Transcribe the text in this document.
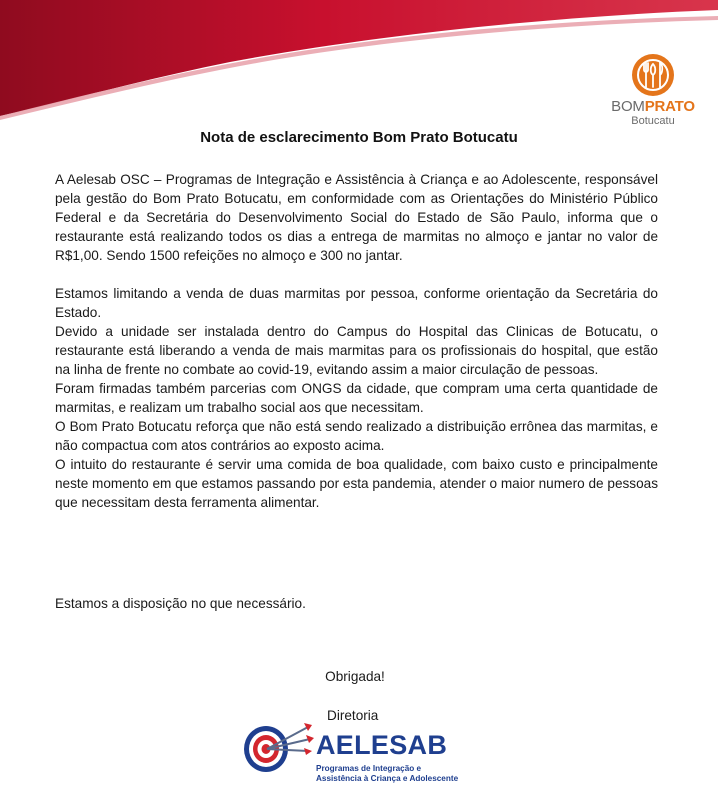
BOMPRATO
Botucatu
Nota de esclarecimento Bom Prato Botucatu

A Aelesab OSC – Programas de Integração e Assistência à Criança e ao Adolescente, responsável pela gestão do Bom Prato Botucatu, em conformidade com as Orientações do Ministério Público Federal e da Secretária do Desenvolvimento Social do Estado de São Paulo, informa que o restaurante está realizando todos os dias a entrega de marmitas no almoço e jantar no valor de R$1,00. Sendo 1500 refeições no almoço e 300 no jantar.

Estamos limitando a venda de duas marmitas por pessoa, conforme orientação da Secretária do Estado.

Devido a unidade ser instalada dentro do Campus do Hospital das Clinicas de Botucatu, o restaurante está liberando a venda de mais marmitas para os profissionais do hospital, que estão na linha de frente no combate ao covid-19, evitando assim a maior circulação de pessoas.

Foram firmadas também parcerias com ONGS da cidade, que compram uma certa quantidade de marmitas, e realizam um trabalho social aos que necessitam.

O Bom Prato Botucatu reforça que não está sendo realizado a distribuição errônea das marmitas, e não compactua com atos contrários ao exposto acima.

O intuito do restaurante é servir uma comida de boa qualidade, com baixo custo e principalmente neste momento em que estamos passando por esta pandemia, atender o maior numero de pessoas que necessitam desta ferramenta alimentar.

Estamos a disposição no que necessário.
Obrigada!
Diretoria
AELESAB
Programas de Integração e
Assistência à Criança e Adolescente
